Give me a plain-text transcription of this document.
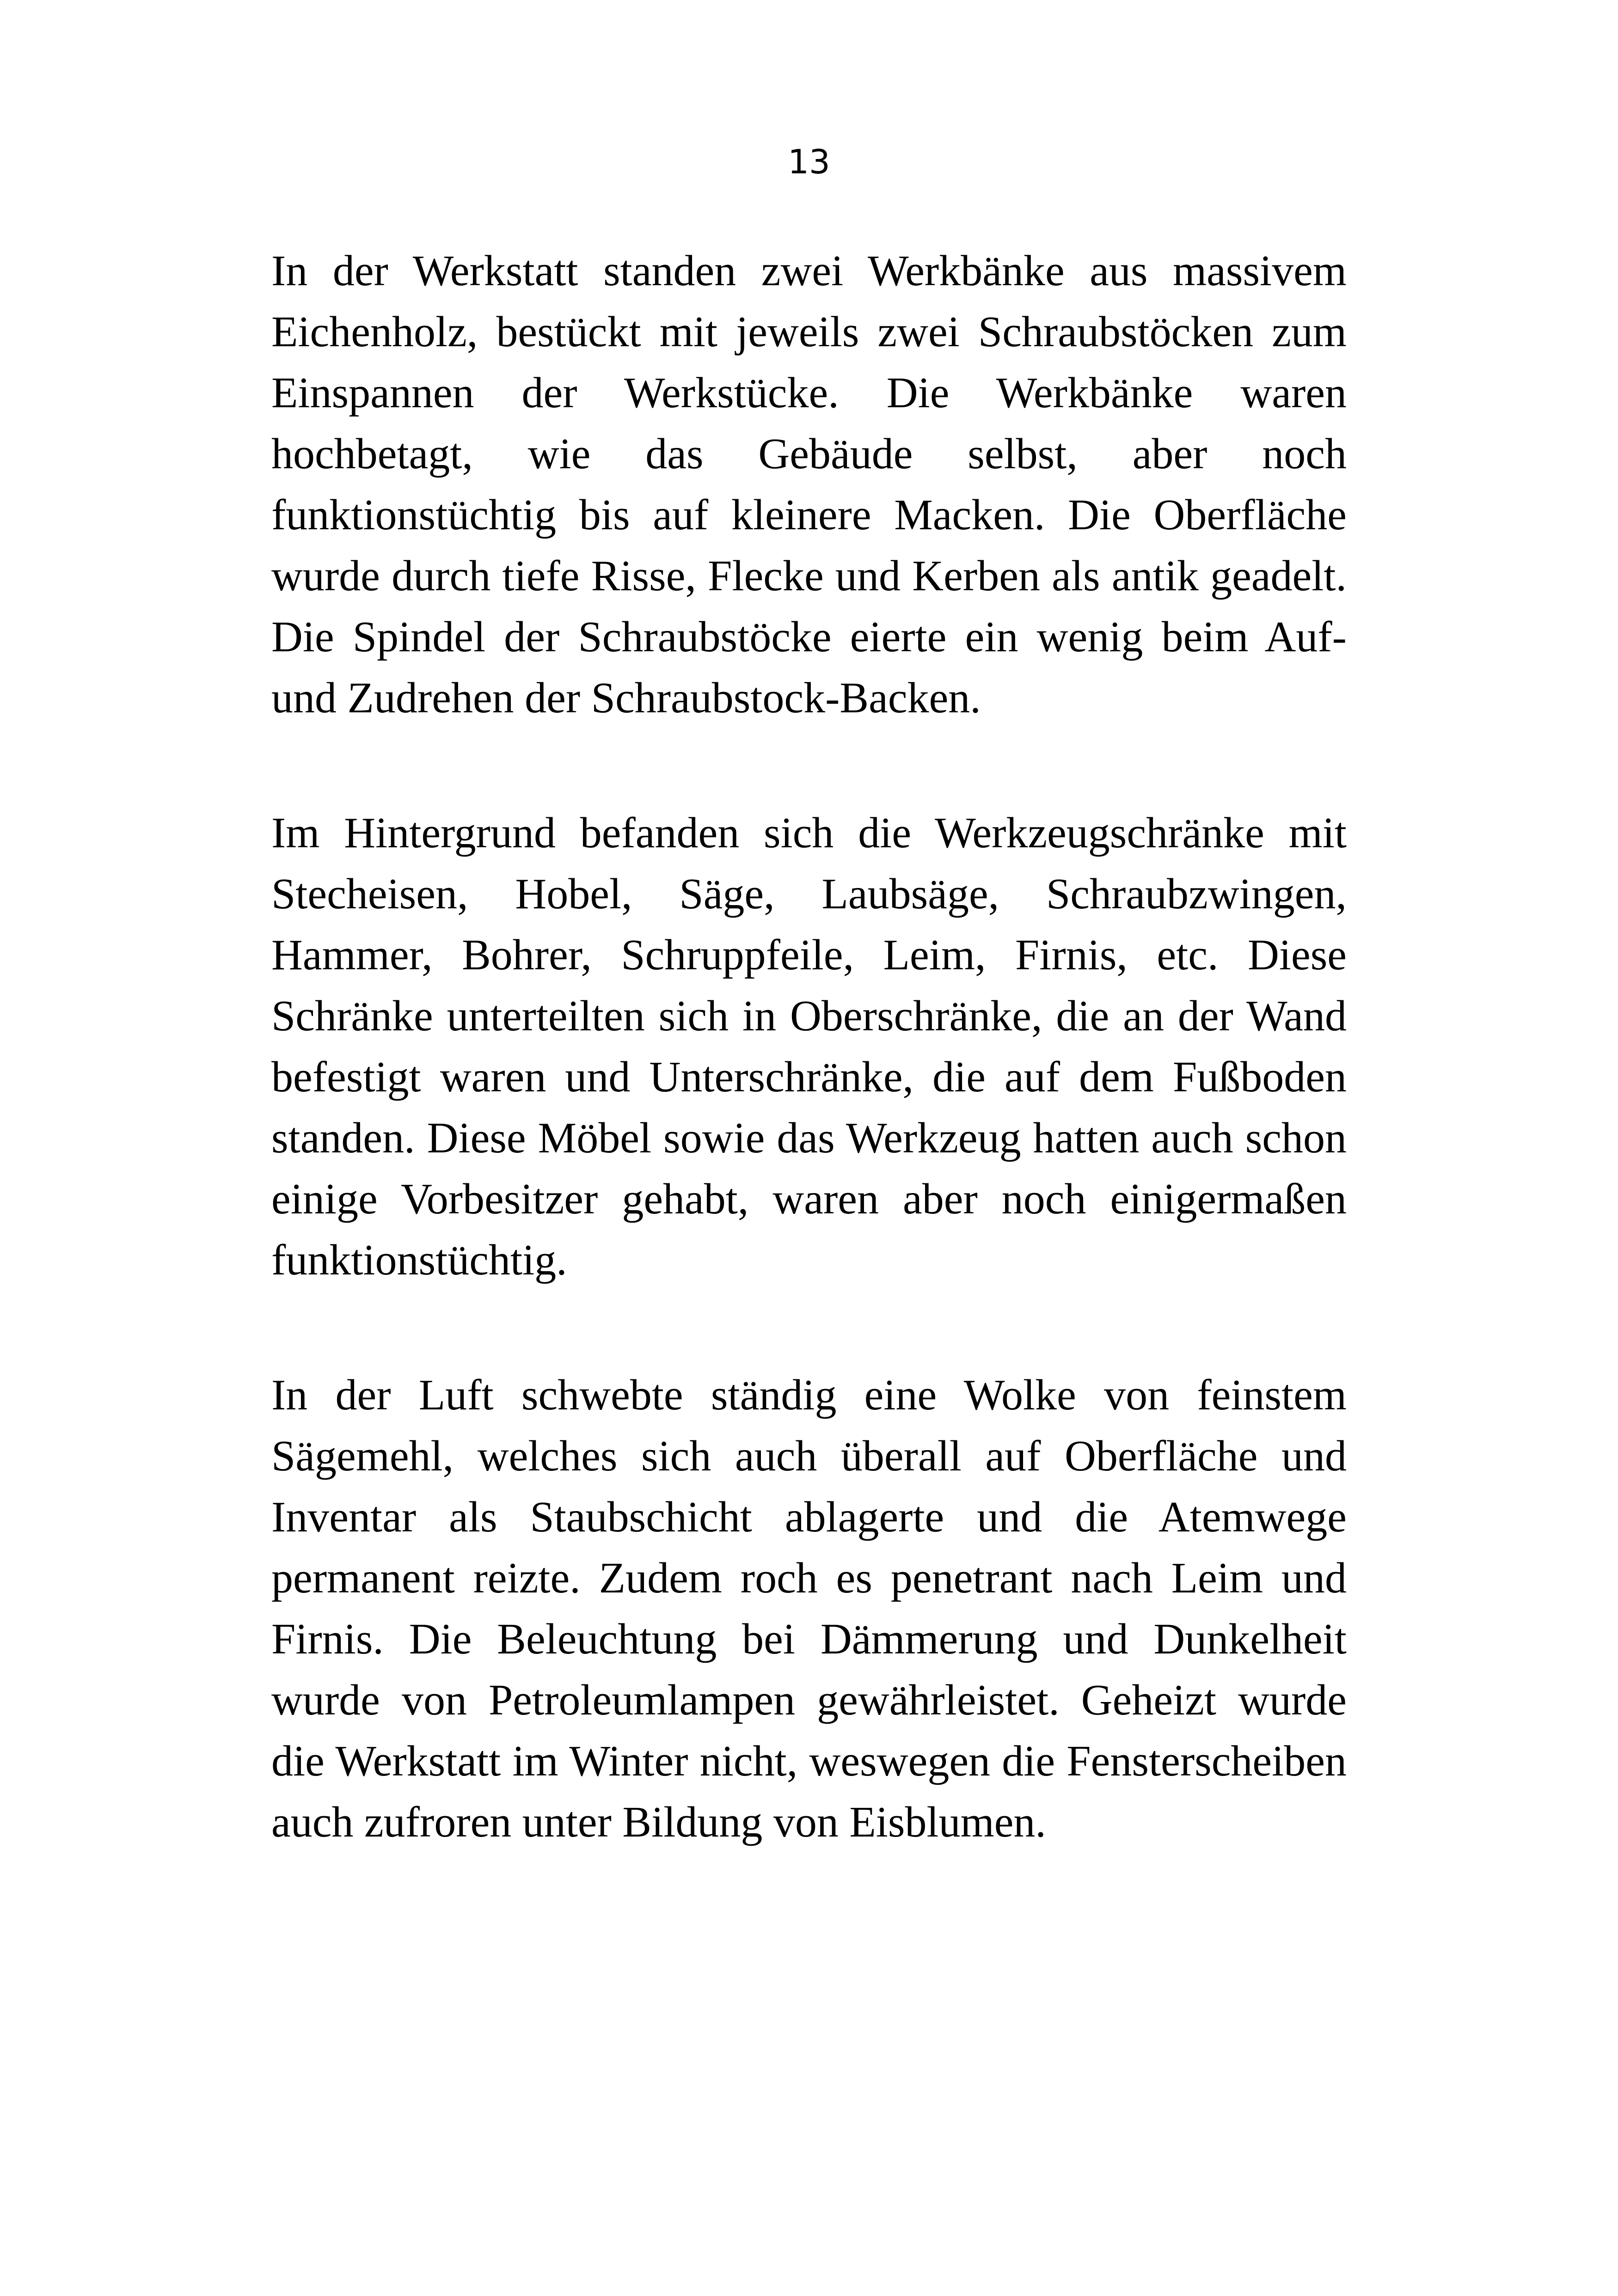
13

In der Werkstatt standen zwei Werkbänke aus massivem Eichenholz, bestückt mit jeweils zwei Schraubstöcken zum Einspannen der Werkstücke. Die Werkbänke waren hochbetagt, wie das Gebäude selbst, aber noch funktionstüchtig bis auf kleinere Macken. Die Oberfläche wurde durch tiefe Risse, Flecke und Kerben als antik geadelt. Die Spindel der Schraubstöcke eierte ein wenig beim Auf- und Zudrehen der Schraubstock-Backen.

Im Hintergrund befanden sich die Werkzeugschränke mit Stecheisen, Hobel, Säge, Laubsäge, Schraubzwingen, Hammer, Bohrer, Schruppfeile, Leim, Firnis, etc. Diese Schränke unterteilten sich in Oberschränke, die an der Wand befestigt waren und Unterschränke, die auf dem Fußboden standen. Diese Möbel sowie das Werkzeug hatten auch schon einige Vorbesitzer gehabt, waren aber noch einigermaßen funktionstüchtig.

In der Luft schwebte ständig eine Wolke von feinstem Sägemehl, welches sich auch überall auf Oberfläche und Inventar als Staubschicht ablagerte und die Atemwege permanent reizte. Zudem roch es penetrant nach Leim und Firnis. Die Beleuchtung bei Dämmerung und Dunkelheit wurde von Petroleumlampen gewährleistet. Geheizt wurde die Werkstatt im Winter nicht, weswegen die Fensterscheiben auch zufroren unter Bildung von Eisblumen.
